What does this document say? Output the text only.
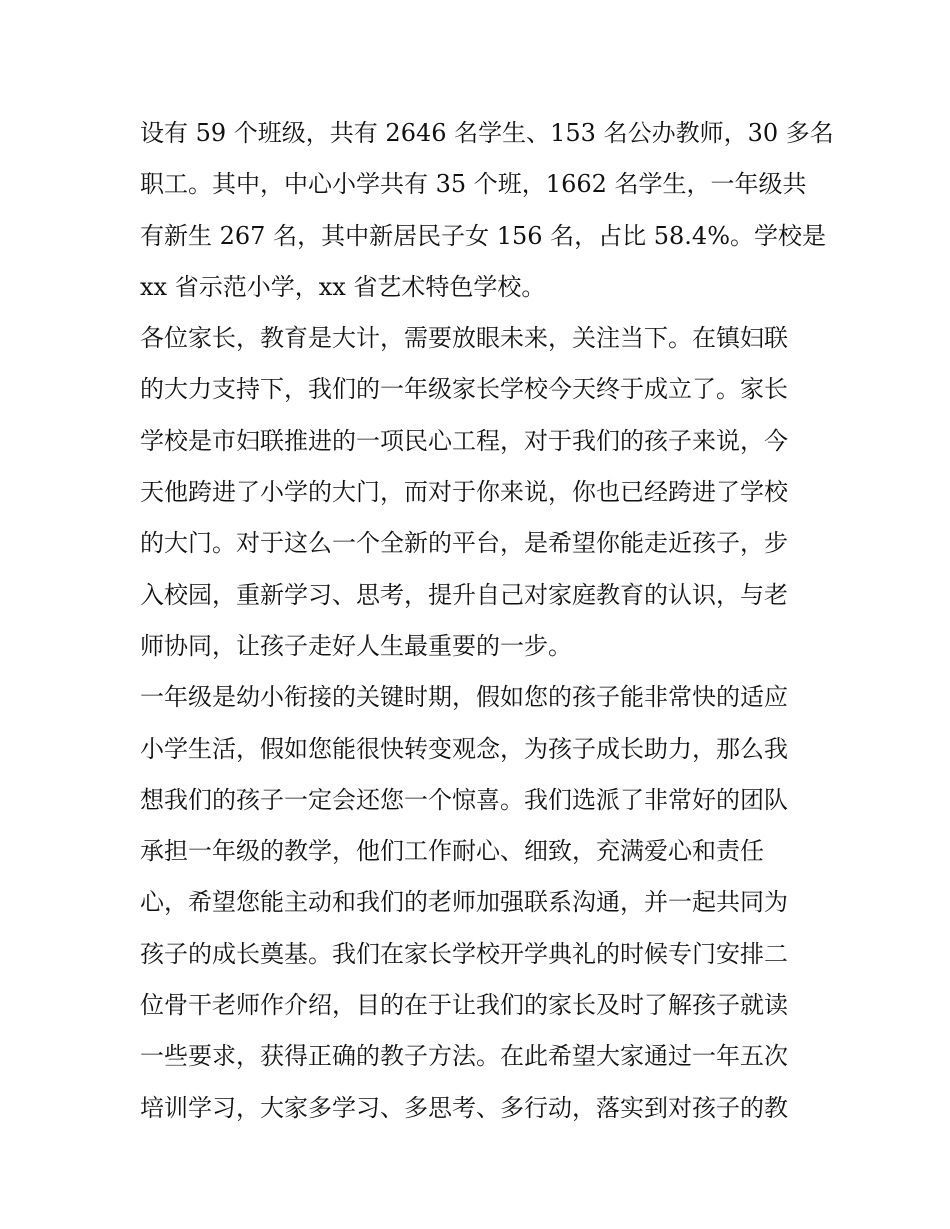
设有 59 个班级，共有 2646 名学生、153 名公办教师，30 多名
职工。其中，中心小学共有 35 个班，1662 名学生，一年级共
有新生 267 名，其中新居民子女 156 名，占比 58.4%。学校是
xx 省示范小学，xx 省艺术特色学校。
各位家长，教育是大计，需要放眼未来，关注当下。在镇妇联
的大力支持下，我们的一年级家长学校今天终于成立了。家长
学校是市妇联推进的一项民心工程，对于我们的孩子来说，今
天他跨进了小学的大门，而对于你来说，你也已经跨进了学校
的大门。对于这么一个全新的平台，是希望你能走近孩子，步
入校园，重新学习、思考，提升自己对家庭教育的认识，与老
师协同，让孩子走好人生最重要的一步。
一年级是幼小衔接的关键时期，假如您的孩子能非常快的适应
小学生活，假如您能很快转变观念，为孩子成长助力，那么我
想我们的孩子一定会还您一个惊喜。我们选派了非常好的团队
承担一年级的教学，他们工作耐心、细致，充满爱心和责任
心，希望您能主动和我们的老师加强联系沟通，并一起共同为
孩子的成长奠基。我们在家长学校开学典礼的时候专门安排二
位骨干老师作介绍，目的在于让我们的家长及时了解孩子就读
一些要求，获得正确的教子方法。在此希望大家通过一年五次
培训学习，大家多学习、多思考、多行动，落实到对孩子的教
